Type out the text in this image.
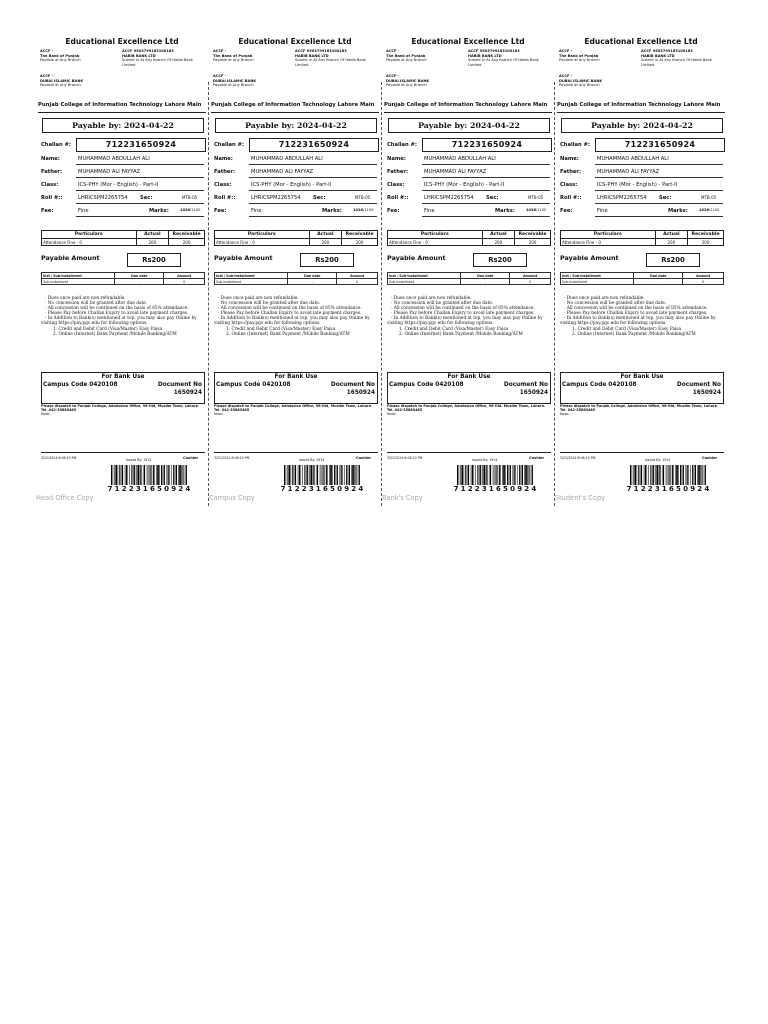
Educational Excellence Ltd
ACCF -
The Bank of Punjab
Payable at Any Branch
ACCF 9503799163100183
HABIB BANK LTD
Submit in At Any Branch Of Habib Bank Limited
ACCF -
DUBAI ISLAMIC BANK
Payable at Any Branch
Punjab College of Information Technology Lahore Main
Payable by: 2024-04-22
Challan #:	712231650924
Name:	MUHAMMAD ABDULLAH ALI
Father:	MUHAMMAD ALI FAYYAZ
Class:	ICS-PHY (Mor - English) - Part-II
Roll #::	LHRICSPM2265754 Sec:	MTB-05
Fee:	Fine	Marks:	1026/1100
Particulars	Actual	Receivable
Attendance Fine - 0	200	200
Payable Amount	Rs200
Inst / Sub-installment	Due date	Amount
Sub-installment	-	0
· Dues once paid are non refundable.
· No concession will be granted after due date.
· All concession will be continued on the basis of 85% attendance.
· Please Pay before Challan Expiry to avoid late payment charges.
· In Addition to Bank(s) mentioned at top, you may also pay Online by visiting https://pay.pgc.edu for following options.
1. Credit and Debit Card (Visa/Master) Easy Paisa
2. Online (Internet) Bank Payment /Mobile Banking/ATM
For Bank Use
Campus Code 0420108	Document No
1650924
Please dispatch to Punjab College, Admission Office, 96-Old, Muslim Town, Lahore. Tel. 042-35883485
Note:-
3/22/2024 8:06:10 PM	Issued By: 1914	Cashier
712231650924
Head Office Copy
Educational Excellence Ltd
ACCF -
The Bank of Punjab
Payable at Any Branch
ACCF 9503799163100183
HABIB BANK LTD
Submit in At Any Branch Of Habib Bank Limited
ACCF -
DUBAI ISLAMIC BANK
Payable at Any Branch
Punjab College of Information Technology Lahore Main
Payable by: 2024-04-22
Challan #:	712231650924
Name:	MUHAMMAD ABDULLAH ALI
Father:	MUHAMMAD ALI FAYYAZ
Class:	ICS-PHY (Mor - English) - Part-II
Roll #::	LHRICSPM2265754 Sec:	MTB-05
Fee:	Fine	Marks:	1026/1100
Particulars	Actual	Receivable
Attendance Fine - 0	200	200
Payable Amount	Rs200
Inst / Sub-installment	Due date	Amount
Sub-installment	-	0
· Dues once paid are non refundable.
· No concession will be granted after due date.
· All concession will be continued on the basis of 85% attendance.
· Please Pay before Challan Expiry to avoid late payment charges.
· In Addition to Bank(s) mentioned at top, you may also pay Online by visiting https://pay.pgc.edu for following options.
1. Credit and Debit Card (Visa/Master) Easy Paisa
2. Online (Internet) Bank Payment /Mobile Banking/ATM
For Bank Use
Campus Code 0420108	Document No
1650924
Please dispatch to Punjab College, Admission Office, 96-Old, Muslim Town, Lahore. Tel. 042-35883485
Note:-
3/22/2024 8:06:10 PM	Issued By: 1914	Cashier
712231650924
Campus Copy
Educational Excellence Ltd
ACCF -
The Bank of Punjab
Payable at Any Branch
ACCF 9503799163100183
HABIB BANK LTD
Submit in At Any Branch Of Habib Bank Limited
ACCF -
DUBAI ISLAMIC BANK
Payable at Any Branch
Punjab College of Information Technology Lahore Main
Payable by: 2024-04-22
Challan #:	712231650924
Name:	MUHAMMAD ABDULLAH ALI
Father:	MUHAMMAD ALI FAYYAZ
Class:	ICS-PHY (Mor - English) - Part-II
Roll #::	LHRICSPM2265754 Sec:	MTB-05
Fee:	Fine	Marks:	1026/1100
Particulars	Actual	Receivable
Attendance Fine - 0	200	200
Payable Amount	Rs200
Inst / Sub-installment	Due date	Amount
Sub-installment	-	0
· Dues once paid are non refundable.
· No concession will be granted after due date.
· All concession will be continued on the basis of 85% attendance.
· Please Pay before Challan Expiry to avoid late payment charges.
· In Addition to Bank(s) mentioned at top, you may also pay Online by visiting https://pay.pgc.edu for following options.
1. Credit and Debit Card (Visa/Master) Easy Paisa
2. Online (Internet) Bank Payment /Mobile Banking/ATM
For Bank Use
Campus Code 0420108	Document No
1650924
Please dispatch to Punjab College, Admission Office, 96-Old, Muslim Town, Lahore. Tel. 042-35883485
Note:-
3/22/2024 8:06:10 PM	Issued By: 1914	Cashier
712231650924
Bank's Copy
Educational Excellence Ltd
ACCF -
The Bank of Punjab
Payable at Any Branch
ACCF 9503799163100183
HABIB BANK LTD
Submit in At Any Branch Of Habib Bank Limited
ACCF -
DUBAI ISLAMIC BANK
Payable at Any Branch
Punjab College of Information Technology Lahore Main
Payable by: 2024-04-22
Challan #:	712231650924
Name:	MUHAMMAD ABDULLAH ALI
Father:	MUHAMMAD ALI FAYYAZ
Class:	ICS-PHY (Mor - English) - Part-II
Roll #::	LHRICSPM2265754 Sec:	MTB-05
Fee:	Fine	Marks:	1026/1100
Particulars	Actual	Receivable
Attendance Fine - 0	200	200
Payable Amount	Rs200
Inst / Sub-installment	Due date	Amount
Sub-installment	-	0
· Dues once paid are non refundable.
· No concession will be granted after due date.
· All concession will be continued on the basis of 85% attendance.
· Please Pay before Challan Expiry to avoid late payment charges.
· In Addition to Bank(s) mentioned at top, you may also pay Online by visiting https://pay.pgc.edu for following options.
1. Credit and Debit Card (Visa/Master) Easy Paisa
2. Online (Internet) Bank Payment /Mobile Banking/ATM
For Bank Use
Campus Code 0420108	Document No
1650924
Please dispatch to Punjab College, Admission Office, 96-Old, Muslim Town, Lahore. Tel. 042-35883485
Note:-
3/22/2024 8:06:10 PM	Issued By: 1914	Cashier
712231650924
Student's Copy
